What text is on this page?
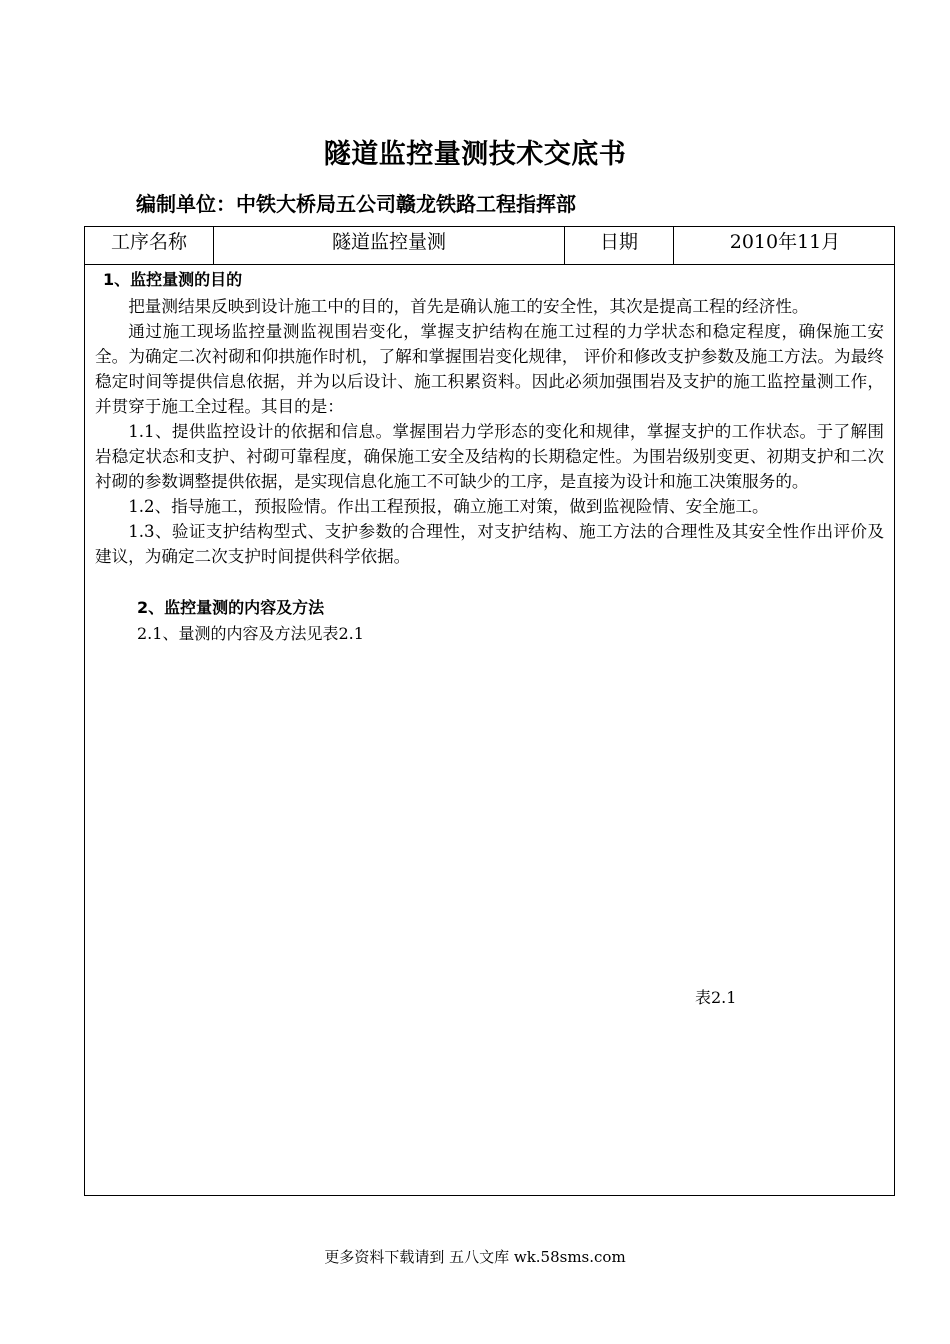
隧道监控量测技术交底书
编制单位：中铁大桥局五公司赣龙铁路工程指挥部
工序名称	隧道监控量测	日期	2010年11月
1、监控量测的目的

把量测结果反映到设计施工中的目的，首先是确认施工的安全性，其次是提高工程的经济性。

通过施工现场监控量测监视围岩变化，掌握支护结构在施工过程的力学状态和稳定程度，确保施工安全。为确定二次衬砌和仰拱施作时机，了解和掌握围岩变化规律， 评价和修改支护参数及施工方法。为最终稳定时间等提供信息依据，并为以后设计、施工积累资料。因此必须加强围岩及支护的施工监控量测工作，并贯穿于施工全过程。其目的是：

1.1、提供监控设计的依据和信息。掌握围岩力学形态的变化和规律，掌握支护的工作状态。于了解围岩稳定状态和支护、衬砌可靠程度，确保施工安全及结构的长期稳定性。为围岩级别变更、初期支护和二次衬砌的参数调整提供依据，是实现信息化施工不可缺少的工序，是直接为设计和施工决策服务的。

1.2、指导施工，预报险情。作出工程预报，确立施工对策，做到监视险情、安全施工。

1.3、验证支护结构型式、支护参数的合理性，对支护结构、施工方法的合理性及其安全性作出评价及建议，为确定二次支护时间提供科学依据。

2、监控量测的内容及方法
2.1、量测的内容及方法见表2.1
表2.1
更多资料下载请到 五八文库 wk.58sms.com
